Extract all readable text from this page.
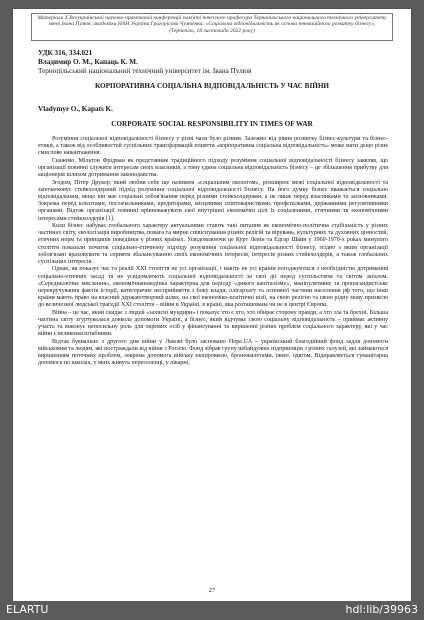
Матеріали X Всеукраїнської науково-практичної конференції пам'яті почесного професора Тернопільського національного технічного університету імені Івана Пулюя, академіка НАН України Григорісова Чумченка: «Соціальна відповідальність як основа інноваційного розвитку бізнесу», (Тернопіль, 18 листопада 2022 року)
УДК 316, 334.021
Владимир О. М., Капаць К. М.
Тернопільський національний технічний університет ім. Івана Пулюя
КОРПОРАТИВНА СОЦІАЛЬНА ВІДПОВІДАЛЬНІСТЬ У ЧАС ВІЙНИ
Vladymyr O., Kapats K.
CORPORATE SOCIAL RESPONSIBILITY IN TIMES OF WAR

Розуміння соціальної відповідальності бізнесу у різні часи було різним. Залежно від рівня розвитку бізнес-культури та бізнес-етики, а також від особливостей суспільних трансформацій поняття «корпоративна соціальна відповідальність» може мати дещо різне смислове навантаження.

Скажімо, Мільтон Фрідман як представник традиційного підходу розуміння соціальної відповідальності бізнесу заявляв, що організації повинні служити інтересам своїх власників, а тому єдина соціальна відповідальність бізнесу – це збільшення прибутку для акціонерів шляхом дотримання законодавства.

Згодом, Пітер Друкер, який любив себе ще називати «соціальним екологом», розширює межі соціальної відповідальності та започатковує стейкхолдерний підхід розуміння соціальної відповідальності бізнесу. На його думку бізнес вважається соціально відповідальним, якщо він має соціальні зобов'язання перед різними стейкхолдерами, а не лише перед власниками та засновниками. Зокрема перед клієнтами, постачальниками, кредиторами, місцевими співтовариствами, профспілками, державними регулятивними органами. Відтак організації повинні врівноважувати свої внутрішні економічні цілі із соціальними, етичними та економічними інтересами стейкхолдерів [1].

Коли бізнес набуває глобального характеру актуальними стають такі питання як економічно-політична стабільність у різних частинах світу, екологізація виробництва, повага та мирне співіснування різних релігій та вірувань, культурних та духовних цінностей, етичних норм та принципів поведінки у різних країнах. Усвідомлюючи це Курт Левін та Едгар Шайн у 1960-1970-х роках минулого століття показали початок соціально-етичному підходу розуміння соціальної відповідальності бізнесу, згідно з яким організації зобов'язані враховувати та сприяти збалансуванню своїх економічних інтересів, інтересів різних стейкхолдерів, а також глобальних суспільних інтересів.

Однак, як показує час та реалії ХХІ століття не усі організації, і навіть не усі країни погоджуються з необхідністю дотримання соціально-етичних засад та не усвідомлюють соціальної відповідальності за свої дії перед суспільством та світом загалом. «Середньовічне мислення», економічнаповедінка характерна для періоду «дикого капіталізму», маніпулятивне та пропагандистське перекручування фактів історії, категоричне несприйняття з боку влади, олігархату та основної частини населення рф того, що інші країни мають право на власний державотворчий шлях, на свої економіко-політичні візії, на свою релігію та свою рідну мову призвело до величезної людської трагедії ХХІ століття – війни в Україні, в країні, яка розташована чи не в центрі Європи.

Війна – це час, який скидає з людей «захисні мундири» і показує хто є хто, хто обирає сторону правди, а хто зла та брехні. Більша частина світу згуртувалася довкола допомоги Україні, а бізнес, який відчуває свою соціальну відповідальність – приймає активну участь та виконує непосильну роль для окремих осіб у фінансуванні та вирішенні різних проблем соціального характеру, які у час війни є великомасштабними.

Відтак буквально з другого дня війни у Львові було засновано Hope.UA – український благодійний фонд задля допомоги військовим та людям, які постраждали від війни з Росією. Фонд зібрав групу небайдужих підприємців з різних галузей, які займаються вирішенням поточних проблем, зокрема допомога війську екіпіровкою, бронежилетами, їжею, одягом. Відправляється гуманітарна допомога по школах, у яких живуть переселенці, у лікарні,

27
ELARTU	hdl:lib/39963
